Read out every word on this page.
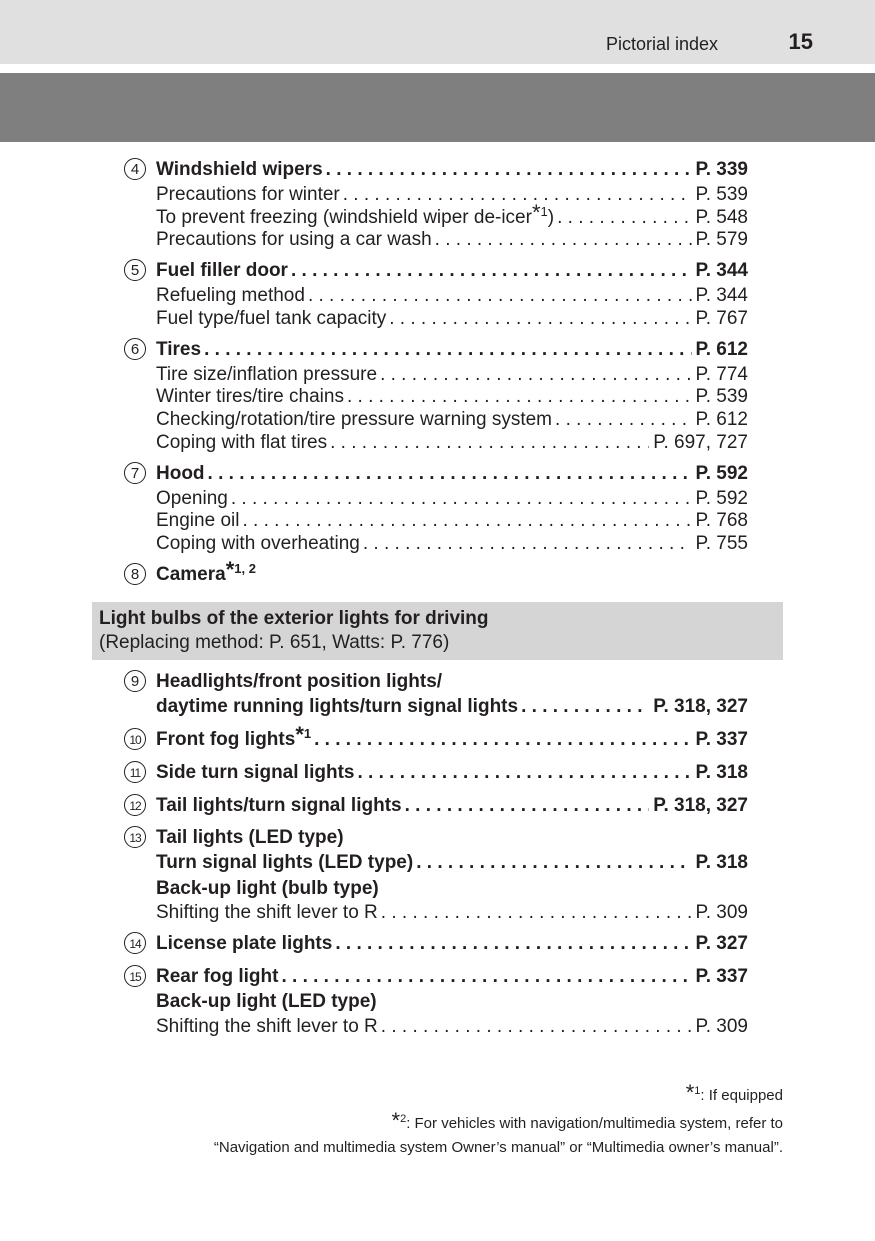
Pictorial index	15
4 Windshield wipers . . .	P. 339
Precautions for winter . . .	P. 539
To prevent freezing (windshield wiper de-icer$^{*1}$) . . .	P. 548
Precautions for using a car wash . . .	P. 579
5 Fuel filler door . . .	P. 344
Refueling method . . .	P. 344
Fuel type/fuel tank capacity . . .	P. 767
6 Tires . . .	P. 612
Tire size/inflation pressure . . .	P. 774
Winter tires/tire chains . . .	P. 539
Checking/rotation/tire pressure warning system . . .	P. 612
Coping with flat tires . . .	P. 697, 727
7 Hood . . .	P. 592
Opening . . .	P. 592
Engine oil . . .	P. 768
Coping with overheating . . .	P. 755
8 Camera$^{*1, 2}$
Light bulbs of the exterior lights for driving
(Replacing method: P. 651, Watts: P. 776)
9 Headlights/front position lights/
daytime running lights/turn signal lights . . .	P. 318, 327
10 Front fog lights$^{*1}$ . . .	P. 337
11 Side turn signal lights . . .	P. 318
12 Tail lights/turn signal lights . . .	P. 318, 327
13 Tail lights (LED type)
Turn signal lights (LED type) . . .	P. 318
Back-up light (bulb type)
Shifting the shift lever to R . . .	P. 309
14 License plate lights . . .	P. 327
15 Rear fog light . . .	P. 337
Back-up light (LED type)
Shifting the shift lever to R . . .	P. 309
*$^1$: If equipped
*$^2$: For vehicles with navigation/multimedia system, refer to
“Navigation and multimedia system Owner’s manual” or “Multimedia owner’s manual”.
